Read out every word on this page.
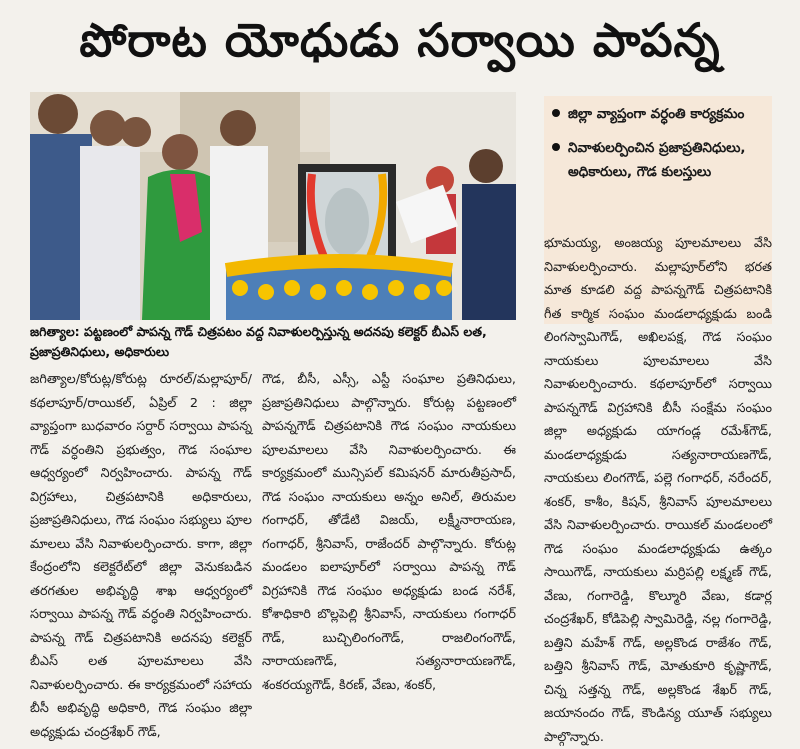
పోరాట యోధుడు సర్వాయి పాపన్న
జిల్లా వ్యాప్తంగా వర్ధంతి కార్యక్రమం
నివాళులర్పించిన ప్రజాప్రతినిధులు, అధికారులు, గౌడ కులస్తులు
జగిత్యాల: పట్టణంలో పాపన్న గౌడ్ చిత్రపటం వద్ద నివాళులర్పిస్తున్న అదనపు కలెక్టర్ బీఎస్ లత, ప్రజాప్రతినిధులు, అధికారులు
జగిత్యాల/కోరుట్ల/కోరుట్ల రూరల్/మల్లాపూర్/కథలాపూర్/రాయికల్, ఏప్రిల్ 2 : జిల్లా వ్యాప్తంగా బుధవారం సర్దార్ సర్వాయి పాపన్న గౌడ్ వర్ధంతిని ప్రభుత్వం, గౌడ సంఘాల ఆధ్వర్యంలో నిర్వహించారు. పాపన్న గౌడ్ విగ్రహాలు, చిత్రపటానికి అధికారులు, ప్రజాప్రతినిధులు, గౌడ సంఘం సభ్యులు పూల మాలలు వేసి నివాళులర్పించారు. కాగా, జిల్లా కేంద్రంలోని కలెక్టరేట్‌లో జిల్లా వెనుకబడిన తరగతుల అభివృద్ధి శాఖ ఆధ్వర్యంలో సర్వాయి పాపన్న గౌడ్ వర్ధంతి నిర్వహించారు. పాపన్న గౌడ్ చిత్రపటానికి అదనపు కలెక్టర్ బీఎస్ లత పూలమాలలు వేసి నివాళులర్పించారు. ఈ కార్యక్రమంలో సహాయ బీసీ అభివృద్ధి అధికారి, గౌడ సంఘం జిల్లా అధ్యక్షుడు చంద్రశేఖర్ గౌడ్,
గౌడ, బీసీ, ఎస్సీ, ఎస్టీ సంఘాల ప్రతినిధులు, ప్రజాప్రతినిధులు పాల్గొన్నారు. కోరుట్ల పట్టణంలో పాపన్నగౌడ్ చిత్రపటానికి గౌడ సంఘం నాయకులు పూలమాలలు వేసి నివాళులర్పించారు. ఈ కార్యక్రమంలో మున్సిపల్ కమిషనర్ మారుతీప్రసాద్, గౌడ సంఘం నాయకులు అన్నం అనిల్, తిరుమల గంగాధర్, తోడేటి విజయ్, లక్ష్మీనారాయణ, గంగాధర్, శ్రీనివాస్, రాజేందర్ పాల్గొన్నారు. కోరుట్ల మండలం ఐలాపూర్‌లో సర్వాయి పాపన్న గౌడ్ విగ్రహానికి గౌడ సంఘం అధ్యక్షుడు బండ నరేశ్, కోశాధికారి బొల్లపెల్లి శ్రీనివాస్, నాయకులు గంగాధర్ గౌడ్, బుచ్చిలింగంగౌడ్, రాజలింగంగౌడ్, నారాయణగౌడ్, సత్యనారాయణగౌడ్, శంకరయ్యగౌడ్, కిరణ్, వేణు, శంకర్,
భూమయ్య, అంజయ్య పూలమాలలు వేసి నివాళులర్పించారు. మల్లాపూర్‌లోని భరత మాత కూడలి వద్ద పాపన్నగౌడ్ చిత్రపటానికి గీత కార్మిక సంఘం మండలాధ్యక్షుడు బండి లింగస్వామిగౌడ్, అఖిలపక్ష, గౌడ సంఘం నాయకులు పూలమాలలు వేసి నివాళులర్పించారు. కథలాపూర్‌లో సర్వాయి పాపన్నగౌడ్ విగ్రహానికి బీసీ సంక్షేమ సంఘం జిల్లా అధ్యక్షుడు యాగండ్ల రమేశ్‌గౌడ్, మండలాధ్యక్షుడు సత్యనారాయణగౌడ్, నాయకులు లింగగౌడ్, పల్లె గంగాధర్, నరేందర్, శంకర్, కాశీం, కిషన్, శ్రీనివాస్ పూలమాలలు వేసి నివాళులర్పించారు. రాయికల్ మండలంలో గౌడ సంఘం మండలాధ్యక్షుడు ఉత్కం సాయిగౌడ్, నాయకులు మర్రిపల్లి లక్ష్మణ్ గౌడ్, వేణు, గంగారెడ్డి, కొల్మూరి వేణు, కడార్ల చంద్రశేఖర్, కోడిపెల్లి స్వామిరెడ్డి, నల్ల గంగారెడ్డి, బత్తిని మహేశ్ గౌడ్, అల్లకొండ రాజేశం గౌడ్, బత్తిని శ్రీనివాస్ గౌడ్, మోతుకూరి కృష్ణాగౌడ్, చిన్న సత్తన్న గౌడ్, అల్లకొండ శేఖర్ గౌడ్, జయానందం గౌడ్, కౌండిన్య యూత్ సభ్యులు పాల్గొన్నారు.
